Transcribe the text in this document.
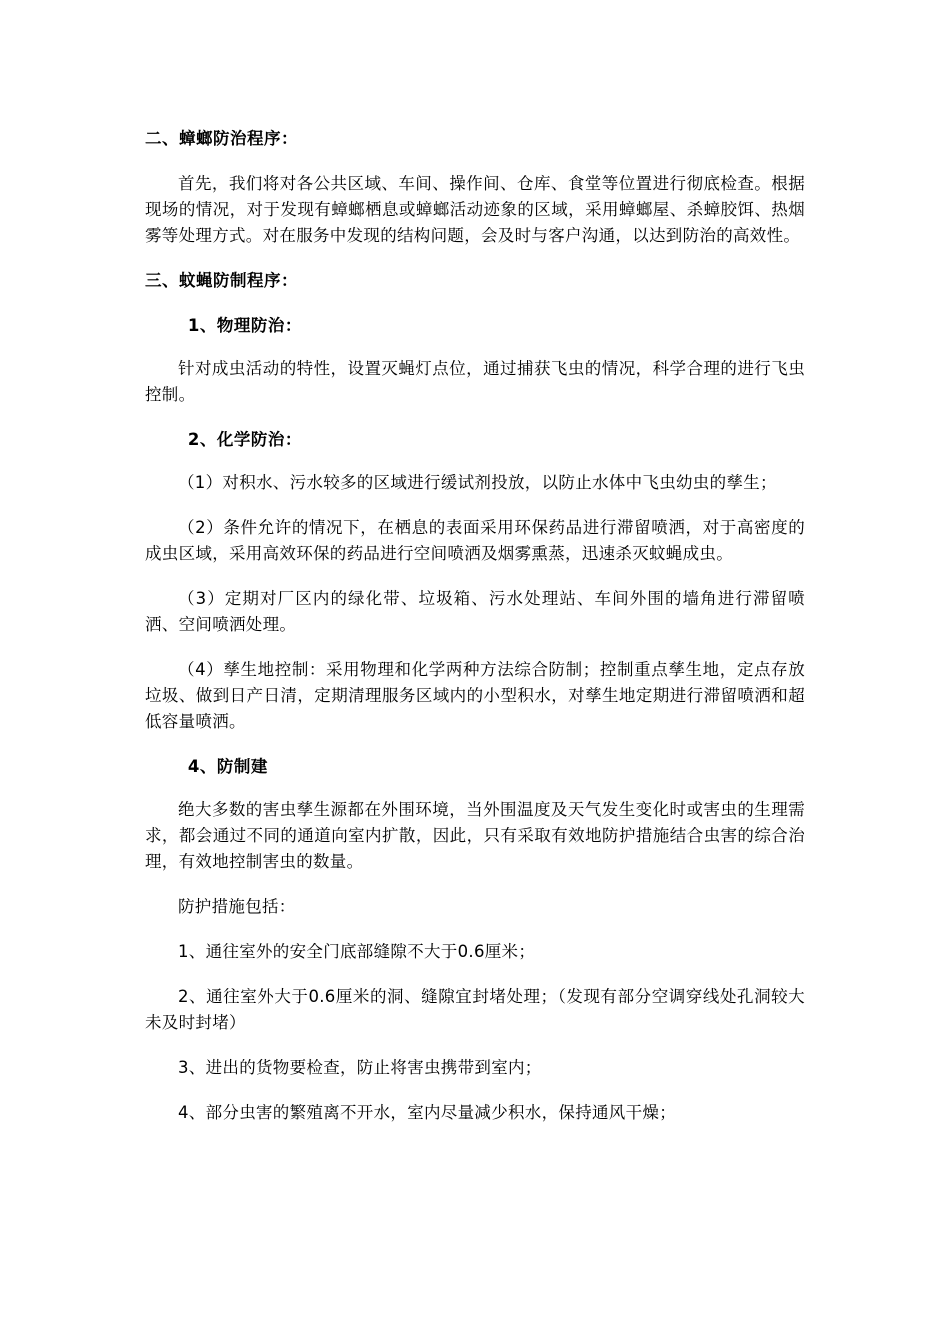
二、蟑螂防治程序：

首先，我们将对各公共区域、车间、操作间、仓库、食堂等位置进行彻底检查。根据现场的情况，对于发现有蟑螂栖息或蟑螂活动迹象的区域，采用蟑螂屋、杀蟑胶饵、热烟雾等处理方式。对在服务中发现的结构问题，会及时与客户沟通，以达到防治的高效性。

三、蚊蝇防制程序：

1、物理防治：

针对成虫活动的特性，设置灭蝇灯点位，通过捕获飞虫的情况，科学合理的进行飞虫控制。

2、化学防治：

（1）对积水、污水较多的区域进行缓试剂投放，以防止水体中飞虫幼虫的孳生；

（2）条件允许的情况下，在栖息的表面采用环保药品进行滞留喷洒，对于高密度的成虫区域，采用高效环保的药品进行空间喷洒及烟雾熏蒸，迅速杀灭蚊蝇成虫。

（3）定期对厂区内的绿化带、垃圾箱、污水处理站、车间外围的墙角进行滞留喷洒、空间喷洒处理。

（4）孳生地控制：采用物理和化学两种方法综合防制；控制重点孳生地，定点存放垃圾、做到日产日清，定期清理服务区域内的小型积水，对孳生地定期进行滞留喷洒和超低容量喷洒。

4、防制建

绝大多数的害虫孳生源都在外围环境，当外围温度及天气发生变化时或害虫的生理需求，都会通过不同的通道向室内扩散，因此，只有采取有效地防护措施结合虫害的综合治理，有效地控制害虫的数量。

防护措施包括：

1、通往室外的安全门底部缝隙不大于0.6厘米；

2、通往室外大于0.6厘米的洞、缝隙宜封堵处理；（发现有部分空调穿线处孔洞较大未及时封堵）

3、进出的货物要检查，防止将害虫携带到室内；

4、部分虫害的繁殖离不开水，室内尽量减少积水，保持通风干燥；
